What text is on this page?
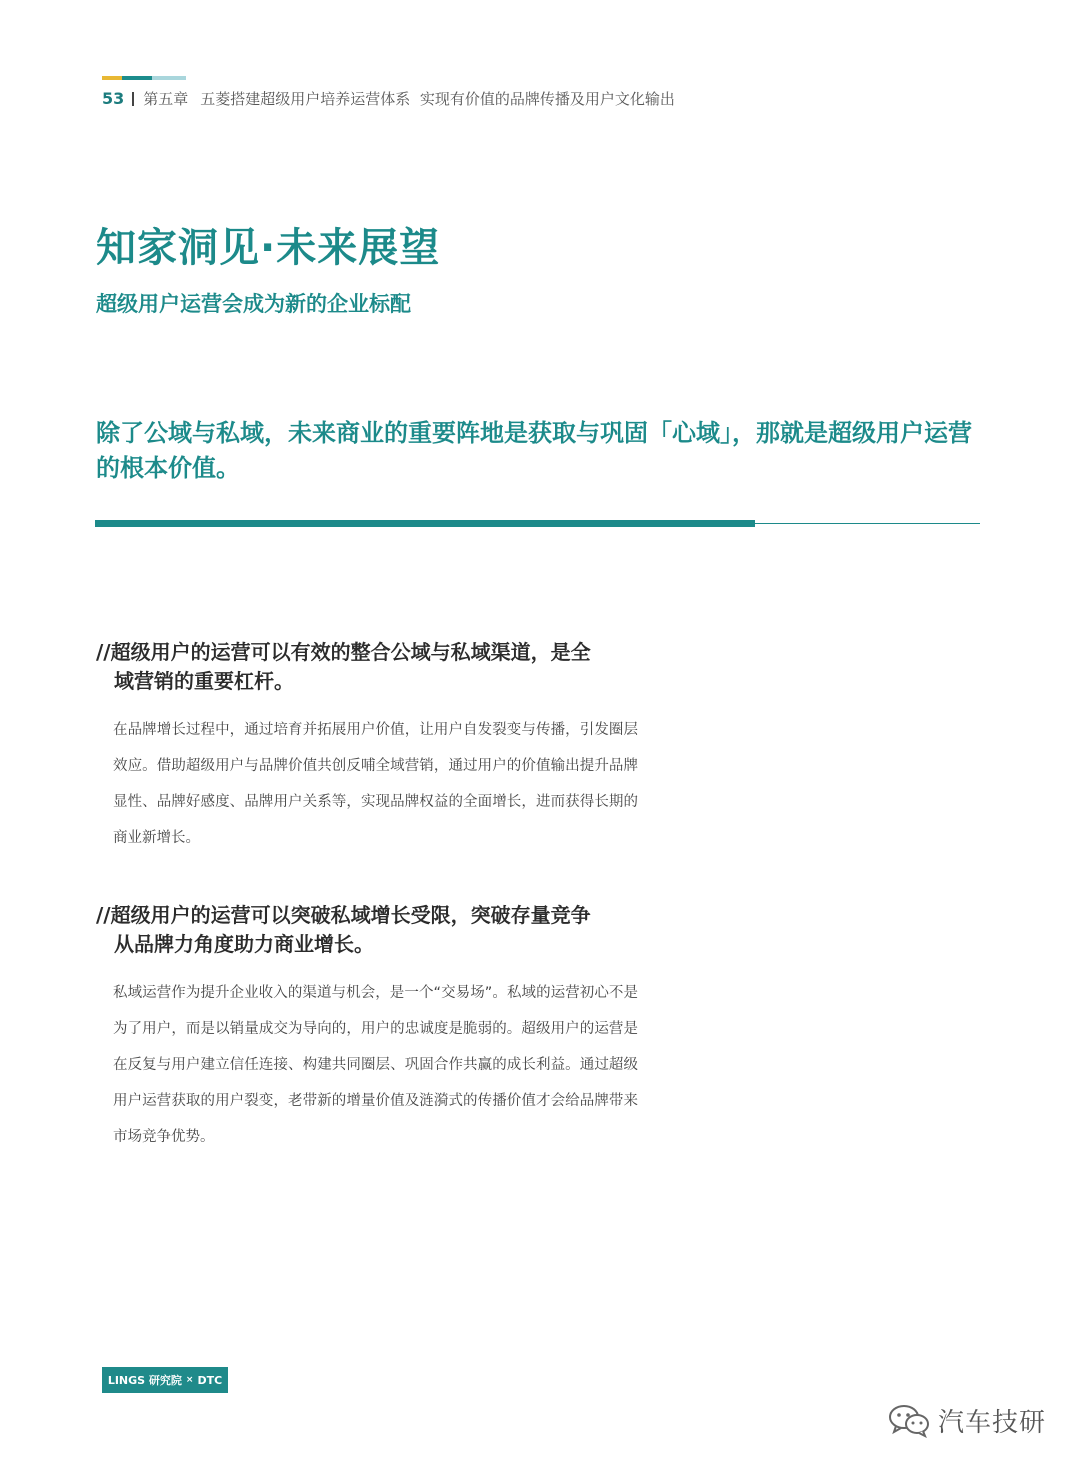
53 第五章 五菱搭建超级用户培养运营体系  实现有价值的品牌传播及用户文化输出
知家洞见·未来展望
超级用户运营会成为新的企业标配
除了公域与私域，未来商业的重要阵地是获取与巩固「心域」，那就是超级用户运营的根本价值。
//超级用户的运营可以有效的整合公域与私域渠道，是全
域营销的重要杠杆。
在品牌增长过程中，通过培育并拓展用户价值，让用户自发裂变与传播，引发圈层效应。借助超级用户与品牌价值共创反哺全域营销，通过用户的价值输出提升品牌显性、品牌好感度、品牌用户关系等，实现品牌权益的全面增长，进而获得长期的商业新增长。
//超级用户的运营可以突破私域增长受限，突破存量竞争
从品牌力角度助力商业增长。
私域运营作为提升企业收入的渠道与机会，是一个“交易场”。私域的运营初心不是为了用户，而是以销量成交为导向的，用户的忠诚度是脆弱的。超级用户的运营是在反复与用户建立信任连接、构建共同圈层、巩固合作共赢的成长利益。通过超级用户运营获取的用户裂变，老带新的增量价值及涟漪式的传播价值才会给品牌带来市场竞争优势。
LINGS 研究院 × DTC
汽车技研
